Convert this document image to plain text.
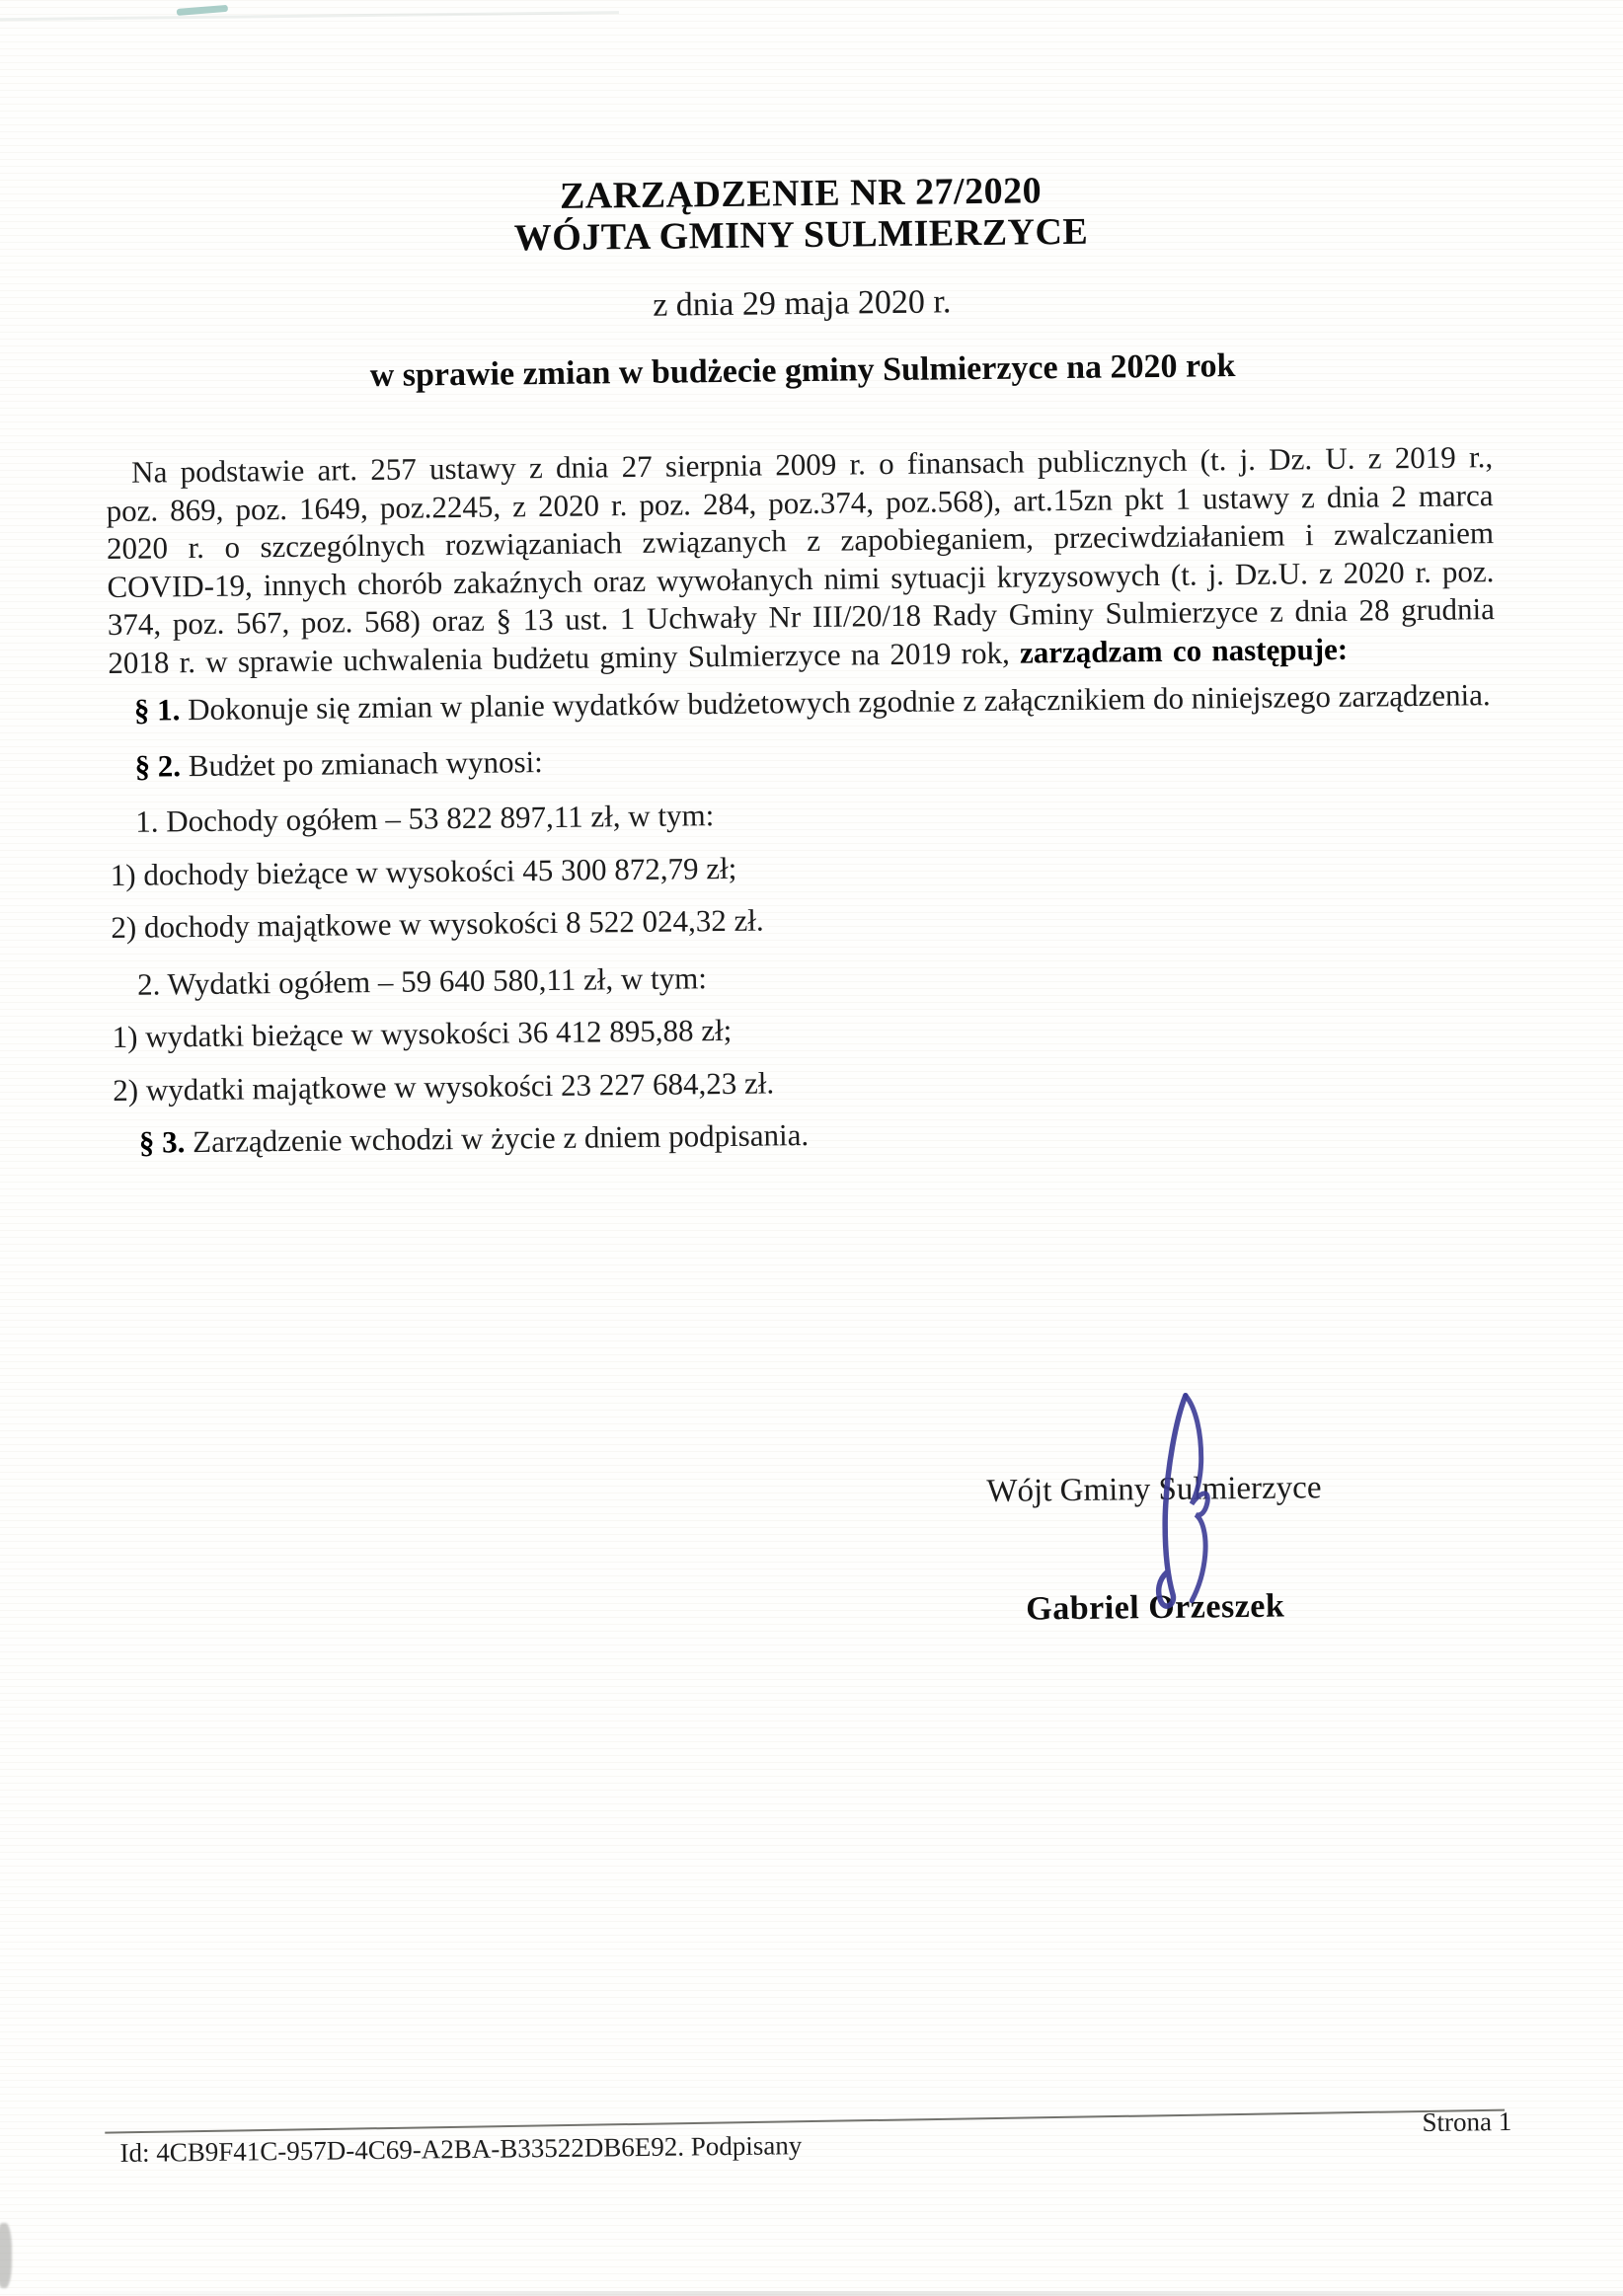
ZARZĄDZENIE NR 27/2020
WÓJTA GMINY SULMIERZYCE
z dnia 29 maja 2020 r.
w sprawie zmian w budżecie gminy Sulmierzyce na 2020 rok

Na podstawie art. 257 ustawy z dnia 27 sierpnia 2009 r. o finansach publicznych (t. j. Dz. U. z 2019 r., poz. 869, poz. 1649, poz.2245, z 2020 r. poz. 284, poz.374, poz.568), art.15zn pkt 1 ustawy z dnia 2 marca 2020 r. o szczególnych rozwiązaniach związanych z zapobieganiem, przeciwdziałaniem i zwalczaniem COVID-19, innych chorób zakaźnych oraz wywołanych nimi sytuacji kryzysowych (t. j. Dz.U. z 2020 r. poz. 374, poz. 567, poz. 568) oraz § 13 ust. 1 Uchwały Nr III/20/18 Rady Gminy Sulmierzyce z dnia 28 grudnia 2018 r. w sprawie uchwalenia budżetu gminy Sulmierzyce na 2019 rok, zarządzam co następuje:

§ 1. Dokonuje się zmian w planie wydatków budżetowych zgodnie z załącznikiem do niniejszego zarządzenia.

§ 2. Budżet po zmianach wynosi:

1. Dochody ogółem – 53 822 897,11 zł, w tym:

1) dochody bieżące w wysokości 45 300 872,79 zł;

2) dochody majątkowe w wysokości 8 522 024,32 zł.

2. Wydatki ogółem – 59 640 580,11 zł, w tym:

1) wydatki bieżące w wysokości 36 412 895,88 zł;

2) wydatki majątkowe w wysokości 23 227 684,23 zł.

§ 3. Zarządzenie wchodzi w życie z dniem podpisania.

Wójt Gminy Sulmierzyce
Gabriel Orzeszek
Id: 4CB9F41C-957D-4C69-A2BA-B33522DB6E92. Podpisany
Strona 1
